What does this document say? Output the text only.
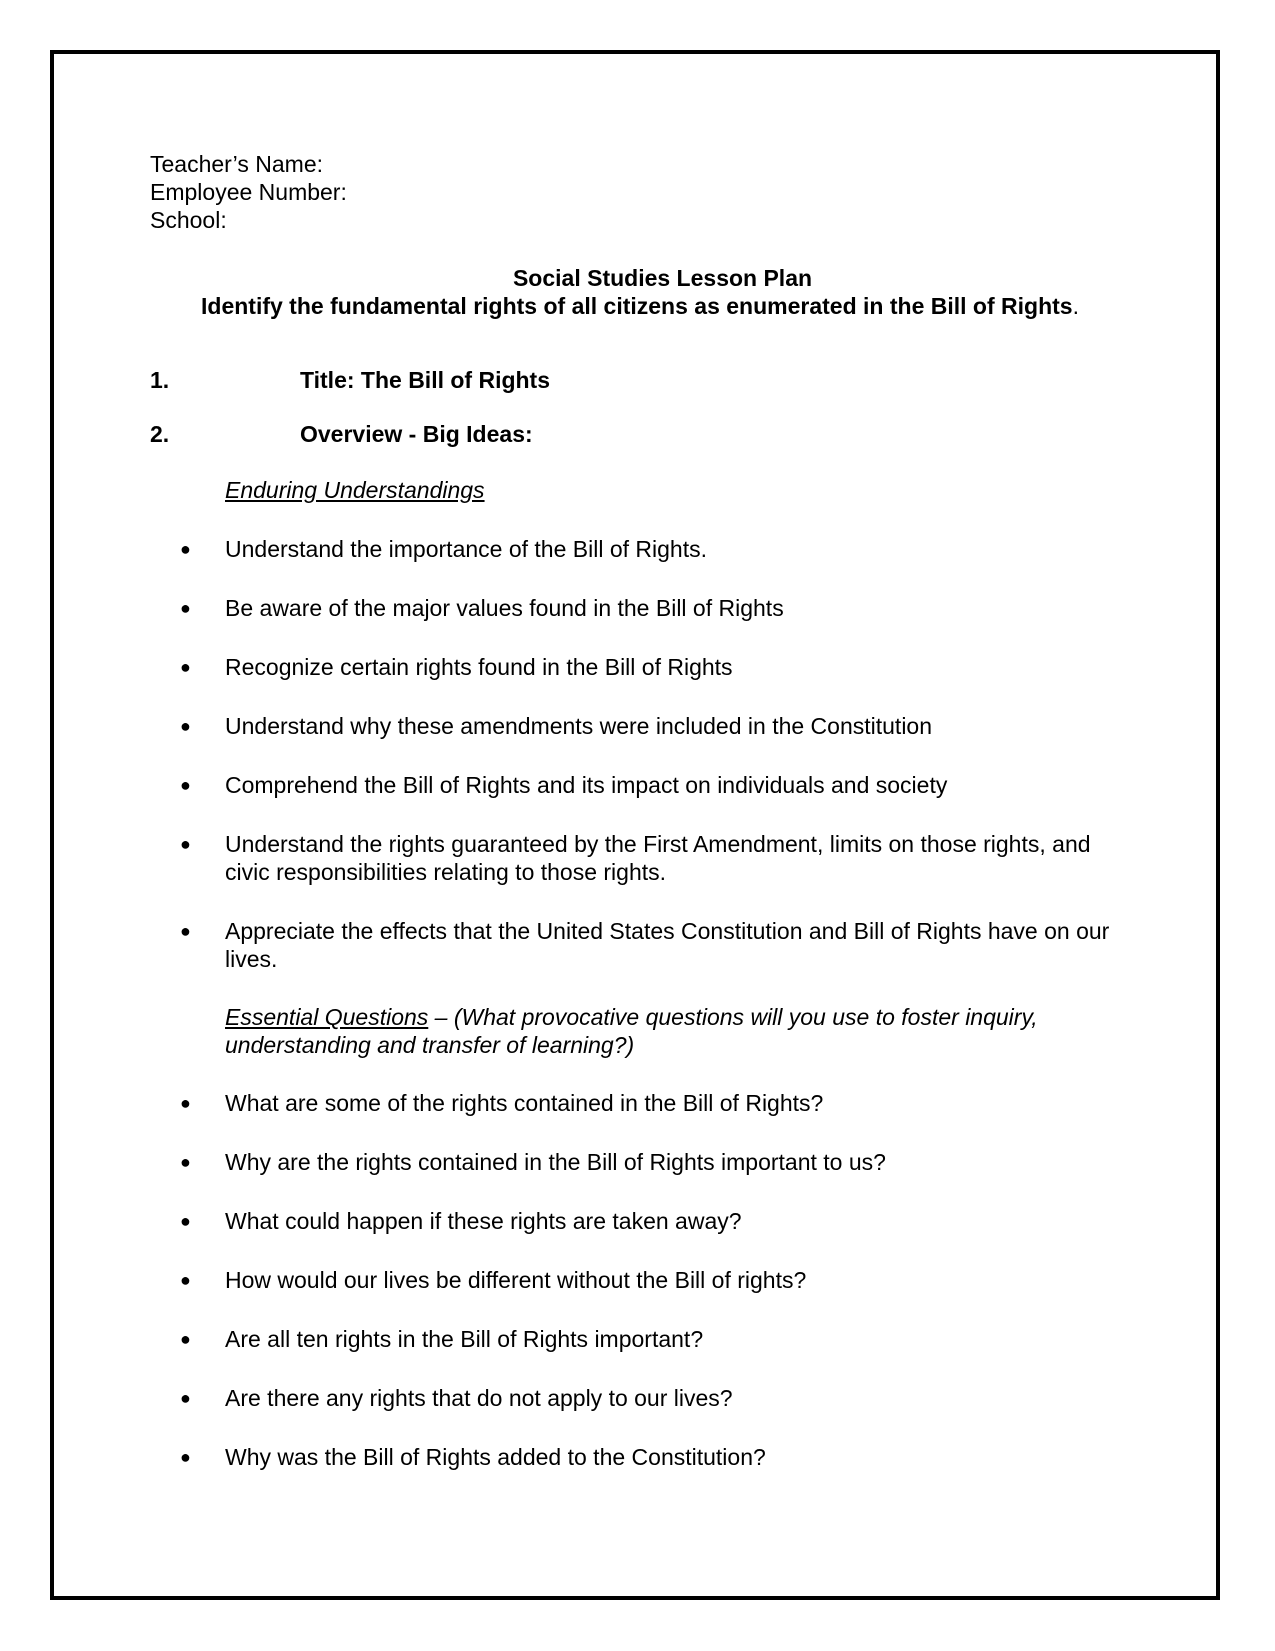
Teacher’s Name:
Employee Number:
School:
Social Studies Lesson Plan
Identify the fundamental rights of all citizens as enumerated in the Bill of Rights.
1.	Title: The Bill of Rights
2.	Overview - Big Ideas:
Enduring Understandings
● Understand the importance of the Bill of Rights.
● Be aware of the major values found in the Bill of Rights
● Recognize certain rights found in the Bill of Rights
● Understand why these amendments were included in the Constitution
● Comprehend the Bill of Rights and its impact on individuals and society
● Understand the rights guaranteed by the First Amendment, limits on those rights, and civic responsibilities relating to those rights.
● Appreciate the effects that the United States Constitution and Bill of Rights have on our lives.
Essential Questions – (What provocative questions will you use to foster inquiry, understanding and transfer of learning?)
● What are some of the rights contained in the Bill of Rights?
● Why are the rights contained in the Bill of Rights important to us?
● What could happen if these rights are taken away?
● How would our lives be different without the Bill of rights?
● Are all ten rights in the Bill of Rights important?
● Are there any rights that do not apply to our lives?
● Why was the Bill of Rights added to the Constitution?
